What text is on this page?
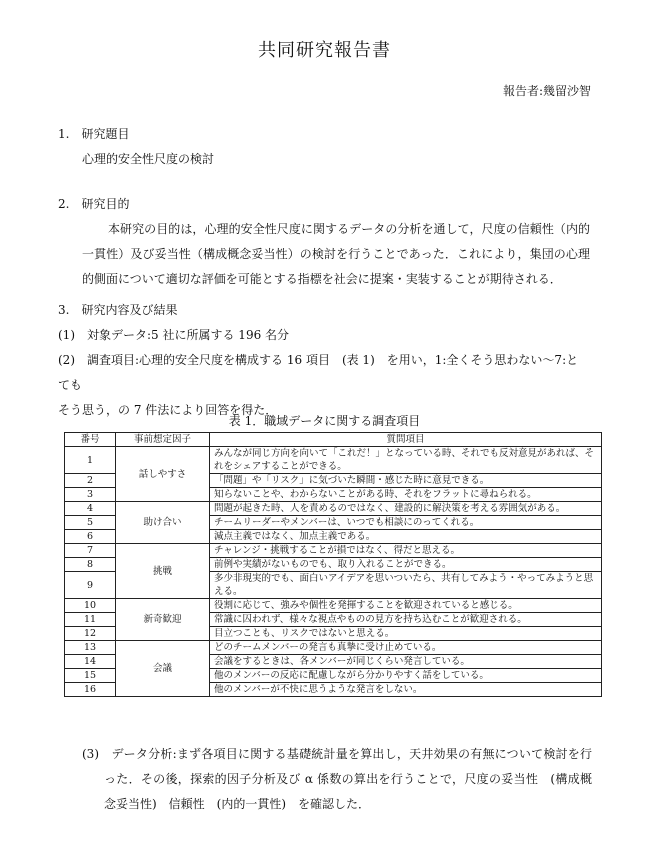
共同研究報告書
報告者:幾留沙智
1.　研究題目
心理的安全性尺度の検討
2.　研究目的
本研究の目的は，心理的安全性尺度に関するデータの分析を通して，尺度の信頼性（内的一貫性）及び妥当性（構成概念妥当性）の検討を行うことであった．これにより，集団の心理的側面について適切な評価を可能とする指標を社会に提案・実装することが期待される．
3.　研究内容及び結果
(1)　対象データ:5 社に所属する 196 名分
(2)　調査項目:心理的安全尺度を構成する 16 項目　(表 1)　を用い，1:全くそう思わない～7:とても
そう思う，の 7 件法により回答を得た．
表 1．職域データに関する調査項目
番号	事前想定因子	質問項目
1	話しやすさ	みんなが同じ方向を向いて「これだ！」となっている時、それでも反対意見があれば、それをシェアすることができる。
2		「問題」や「リスク」に気づいた瞬間・感じた時に意見できる。
3		知らないことや、わからないことがある時、それをフラットに尋ねられる。
4	助け合い	問題が起きた時、人を責めるのではなく、建設的に解決策を考える雰囲気がある。
5		チームリーダーやメンバーは、いつでも相談にのってくれる。
6		減点主義ではなく、加点主義である。
7	挑戦	チャレンジ・挑戦することが損ではなく、得だと思える。
8		前例や実績がないものでも、取り入れることができる。
9		多少非現実的でも、面白いアイデアを思いついたら、共有してみよう・やってみようと思える。
10	新奇歓迎	役割に応じて、強みや個性を発揮することを歓迎されていると感じる。
11		常識に囚われず、様々な視点やものの見方を持ち込むことが歓迎される。
12		目立つことも、リスクではないと思える。
13	会議	どのチームメンバーの発言も真摯に受け止めている。
14		会議をするときは、各メンバーが同じくらい発言している。
15		他のメンバーの反応に配慮しながら分かりやすく話をしている。
16		他のメンバーが不快に思うような発言をしない。
(3)　データ分析:まず各項目に関する基礎統計量を算出し，天井効果の有無について検討を行った．その後，探索的因子分析及び α 係数の算出を行うことで，尺度の妥当性　(構成概念妥当性)　信頼性　(内的一貫性)　を確認した．
